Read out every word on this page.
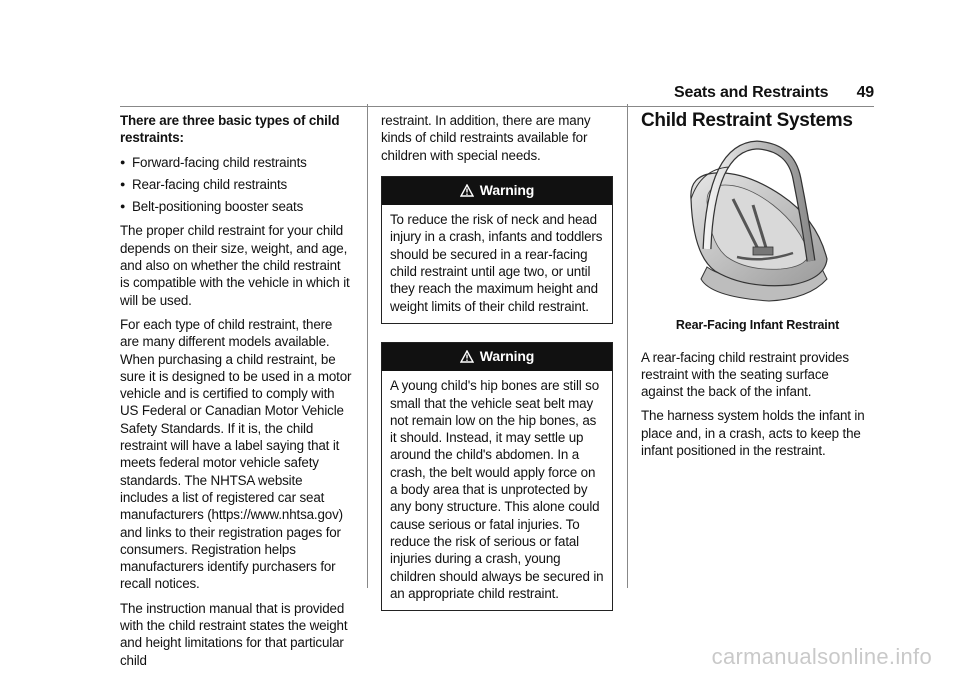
Seats and Restraints 49

There are three basic types of child restraints:

● Forward-facing child restraints
● Rear-facing child restraints
● Belt-positioning booster seats

The proper child restraint for your child depends on their size, weight, and age, and also on whether the child restraint is compatible with the vehicle in which it will be used.

For each type of child restraint, there are many different models available. When purchasing a child restraint, be sure it is designed to be used in a motor vehicle and is certified to comply with US Federal or Canadian Motor Vehicle Safety Standards. If it is, the child restraint will have a label saying that it meets federal motor vehicle safety standards. The NHTSA website includes a list of registered car seat manufacturers (https://www.nhtsa.gov) and links to their registration pages for consumers. Registration helps manufacturers identify purchasers for recall notices.

The instruction manual that is provided with the child restraint states the weight and height limitations for that particular child

restraint. In addition, there are many kinds of child restraints available for children with special needs.

Warning
To reduce the risk of neck and head injury in a crash, infants and toddlers should be secured in a rear-facing child restraint until age two, or until they reach the maximum height and weight limits of their child restraint.
Warning
A young child's hip bones are still so small that the vehicle seat belt may not remain low on the hip bones, as it should. Instead, it may settle up around the child's abdomen. In a crash, the belt would apply force on a body area that is unprotected by any bony structure. This alone could cause serious or fatal injuries. To reduce the risk of serious or fatal injuries during a crash, young children should always be secured in an appropriate child restraint.
Child Restraint Systems
Rear-Facing Infant Restraint

A rear-facing child restraint provides restraint with the seating surface against the back of the infant.

The harness system holds the infant in place and, in a crash, acts to keep the infant positioned in the restraint.

carmanualsonline.info
